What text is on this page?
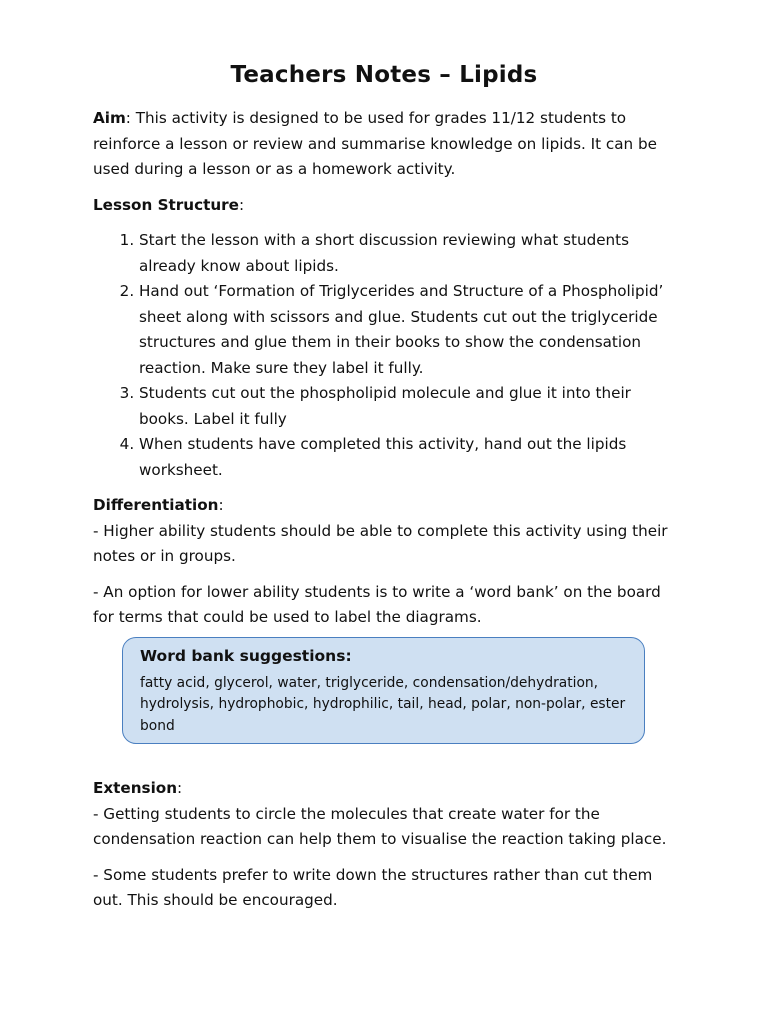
Teachers Notes – Lipids

Aim: This activity is designed to be used for grades 11/12 students to reinforce a lesson or review and summarise knowledge on lipids. It can be used during a lesson or as a homework activity.

Lesson Structure:

1. Start the lesson with a short discussion reviewing what students already know about lipids.
2. Hand out ‘Formation of Triglycerides and Structure of a Phospholipid’ sheet along with scissors and glue. Students cut out the triglyceride structures and glue them in their books to show the condensation reaction. Make sure they label it fully.
3. Students cut out the phospholipid molecule and glue it into their books. Label it fully
4. When students have completed this activity, hand out the lipids worksheet.
Differentiation:

- Higher ability students should be able to complete this activity using their notes or in groups.

- An option for lower ability students is to write a ‘word bank’ on the board for terms that could be used to label the diagrams.

Word bank suggestions:
fatty acid, glycerol, water, triglyceride, condensation/dehydration, hydrolysis, hydrophobic, hydrophilic, tail, head, polar, non-polar, ester bond
Extension:

- Getting students to circle the molecules that create water for the condensation reaction can help them to visualise the reaction taking place.

- Some students prefer to write down the structures rather than cut them out. This should be encouraged.
